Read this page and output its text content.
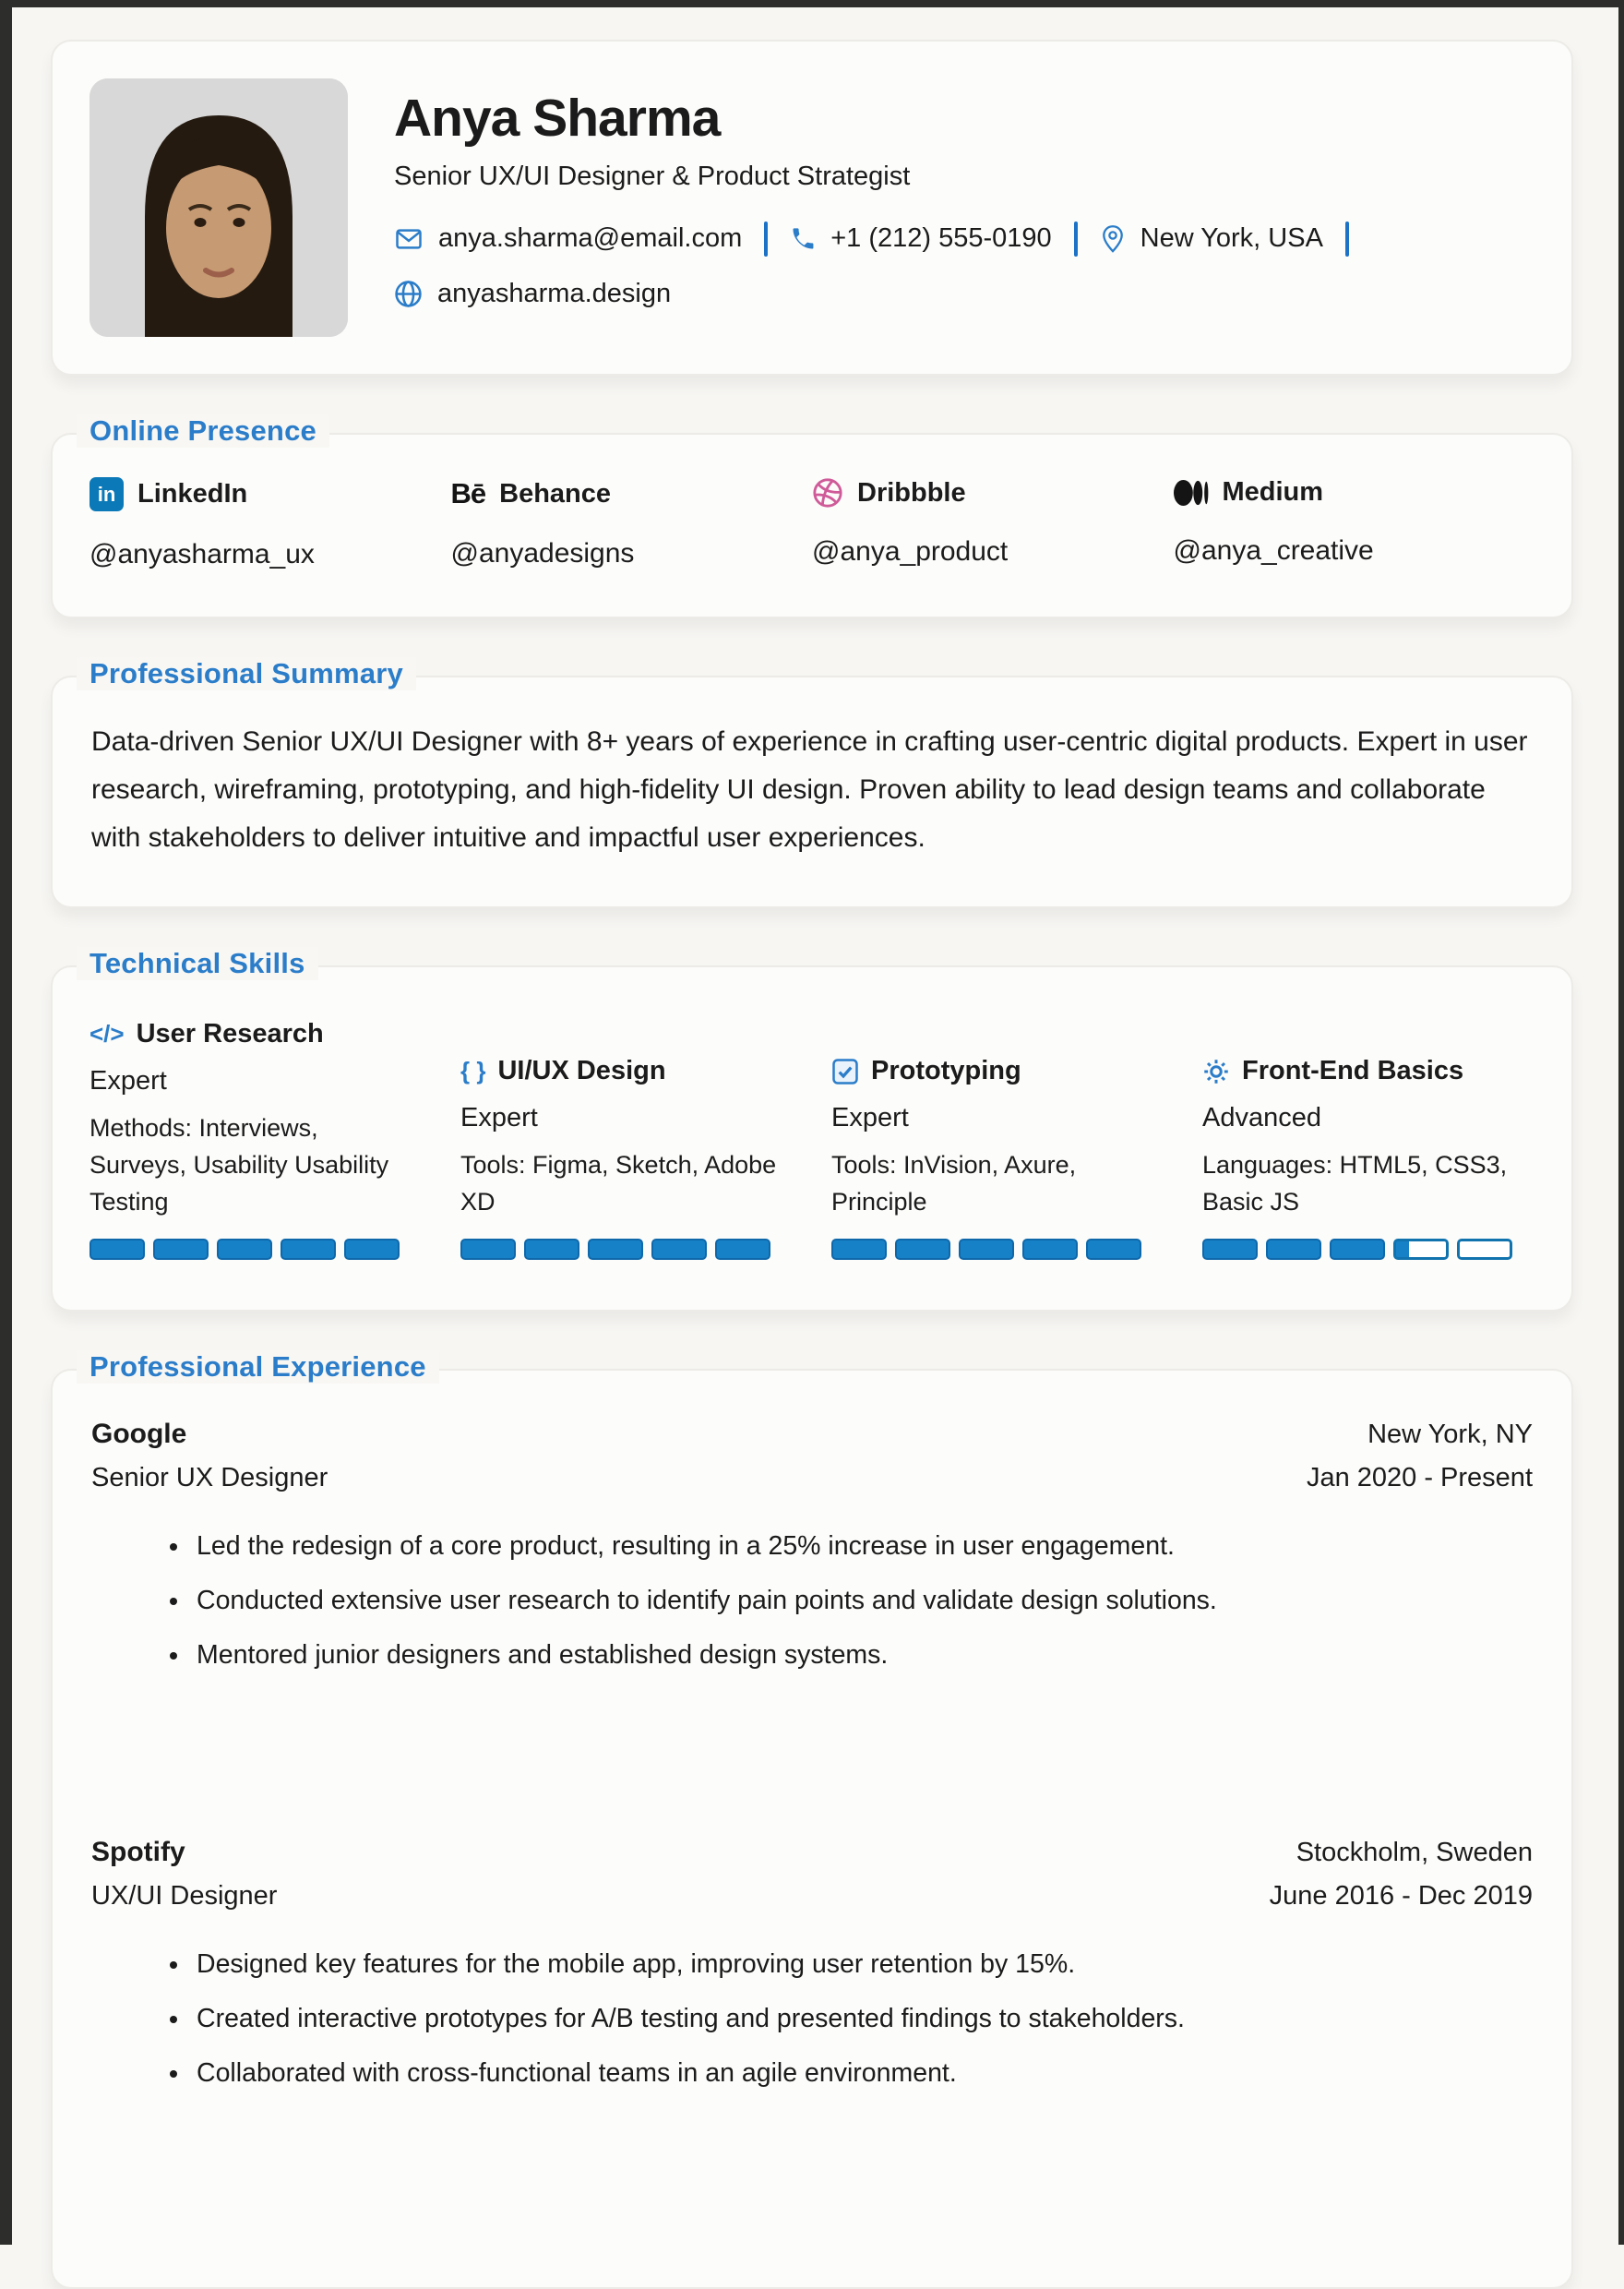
Anya Sharma
Senior UX/UI Designer & Product Strategist
anya.sharma@email.com	+1 (212) 555-0190	New York, USA
anyasharma.design
Online Presence
in LinkedIn
@anyasharma_ux
Bē Behance
@anyadesigns
Dribbble
@anya_product
Medium
@anya_creative
Professional Summary

Data-driven Senior UX/UI Designer with 8+ years of experience in crafting user-centric digital products. Expert in user research, wireframing, prototyping, and high-fidelity UI design. Proven ability to lead design teams and collaborate with stakeholders to deliver intuitive and impactful user experiences.

Technical Skills
</> User Research
Expert
Methods: Interviews, Surveys, Usability Usability Testing
{ } UI/UX Design
Expert
Tools: Figma, Sketch, Adobe XD
Prototyping
Expert
Tools: InVision, Axure, Principle
Front-End Basics
Advanced
Languages: HTML5, CSS3, Basic JS
Professional Experience
Google	New York, NY
Senior UX Designer	Jan 2020 - Present
• Led the redesign of a core product, resulting in a 25% increase in user engagement.
• Conducted extensive user research to identify pain points and validate design solutions.
• Mentored junior designers and established design systems.
Spotify	Stockholm, Sweden
UX/UI Designer	June 2016 - Dec 2019
• Designed key features for the mobile app, improving user retention by 15%.
• Created interactive prototypes for A/B testing and presented findings to stakeholders.
• Collaborated with cross-functional teams in an agile environment.
